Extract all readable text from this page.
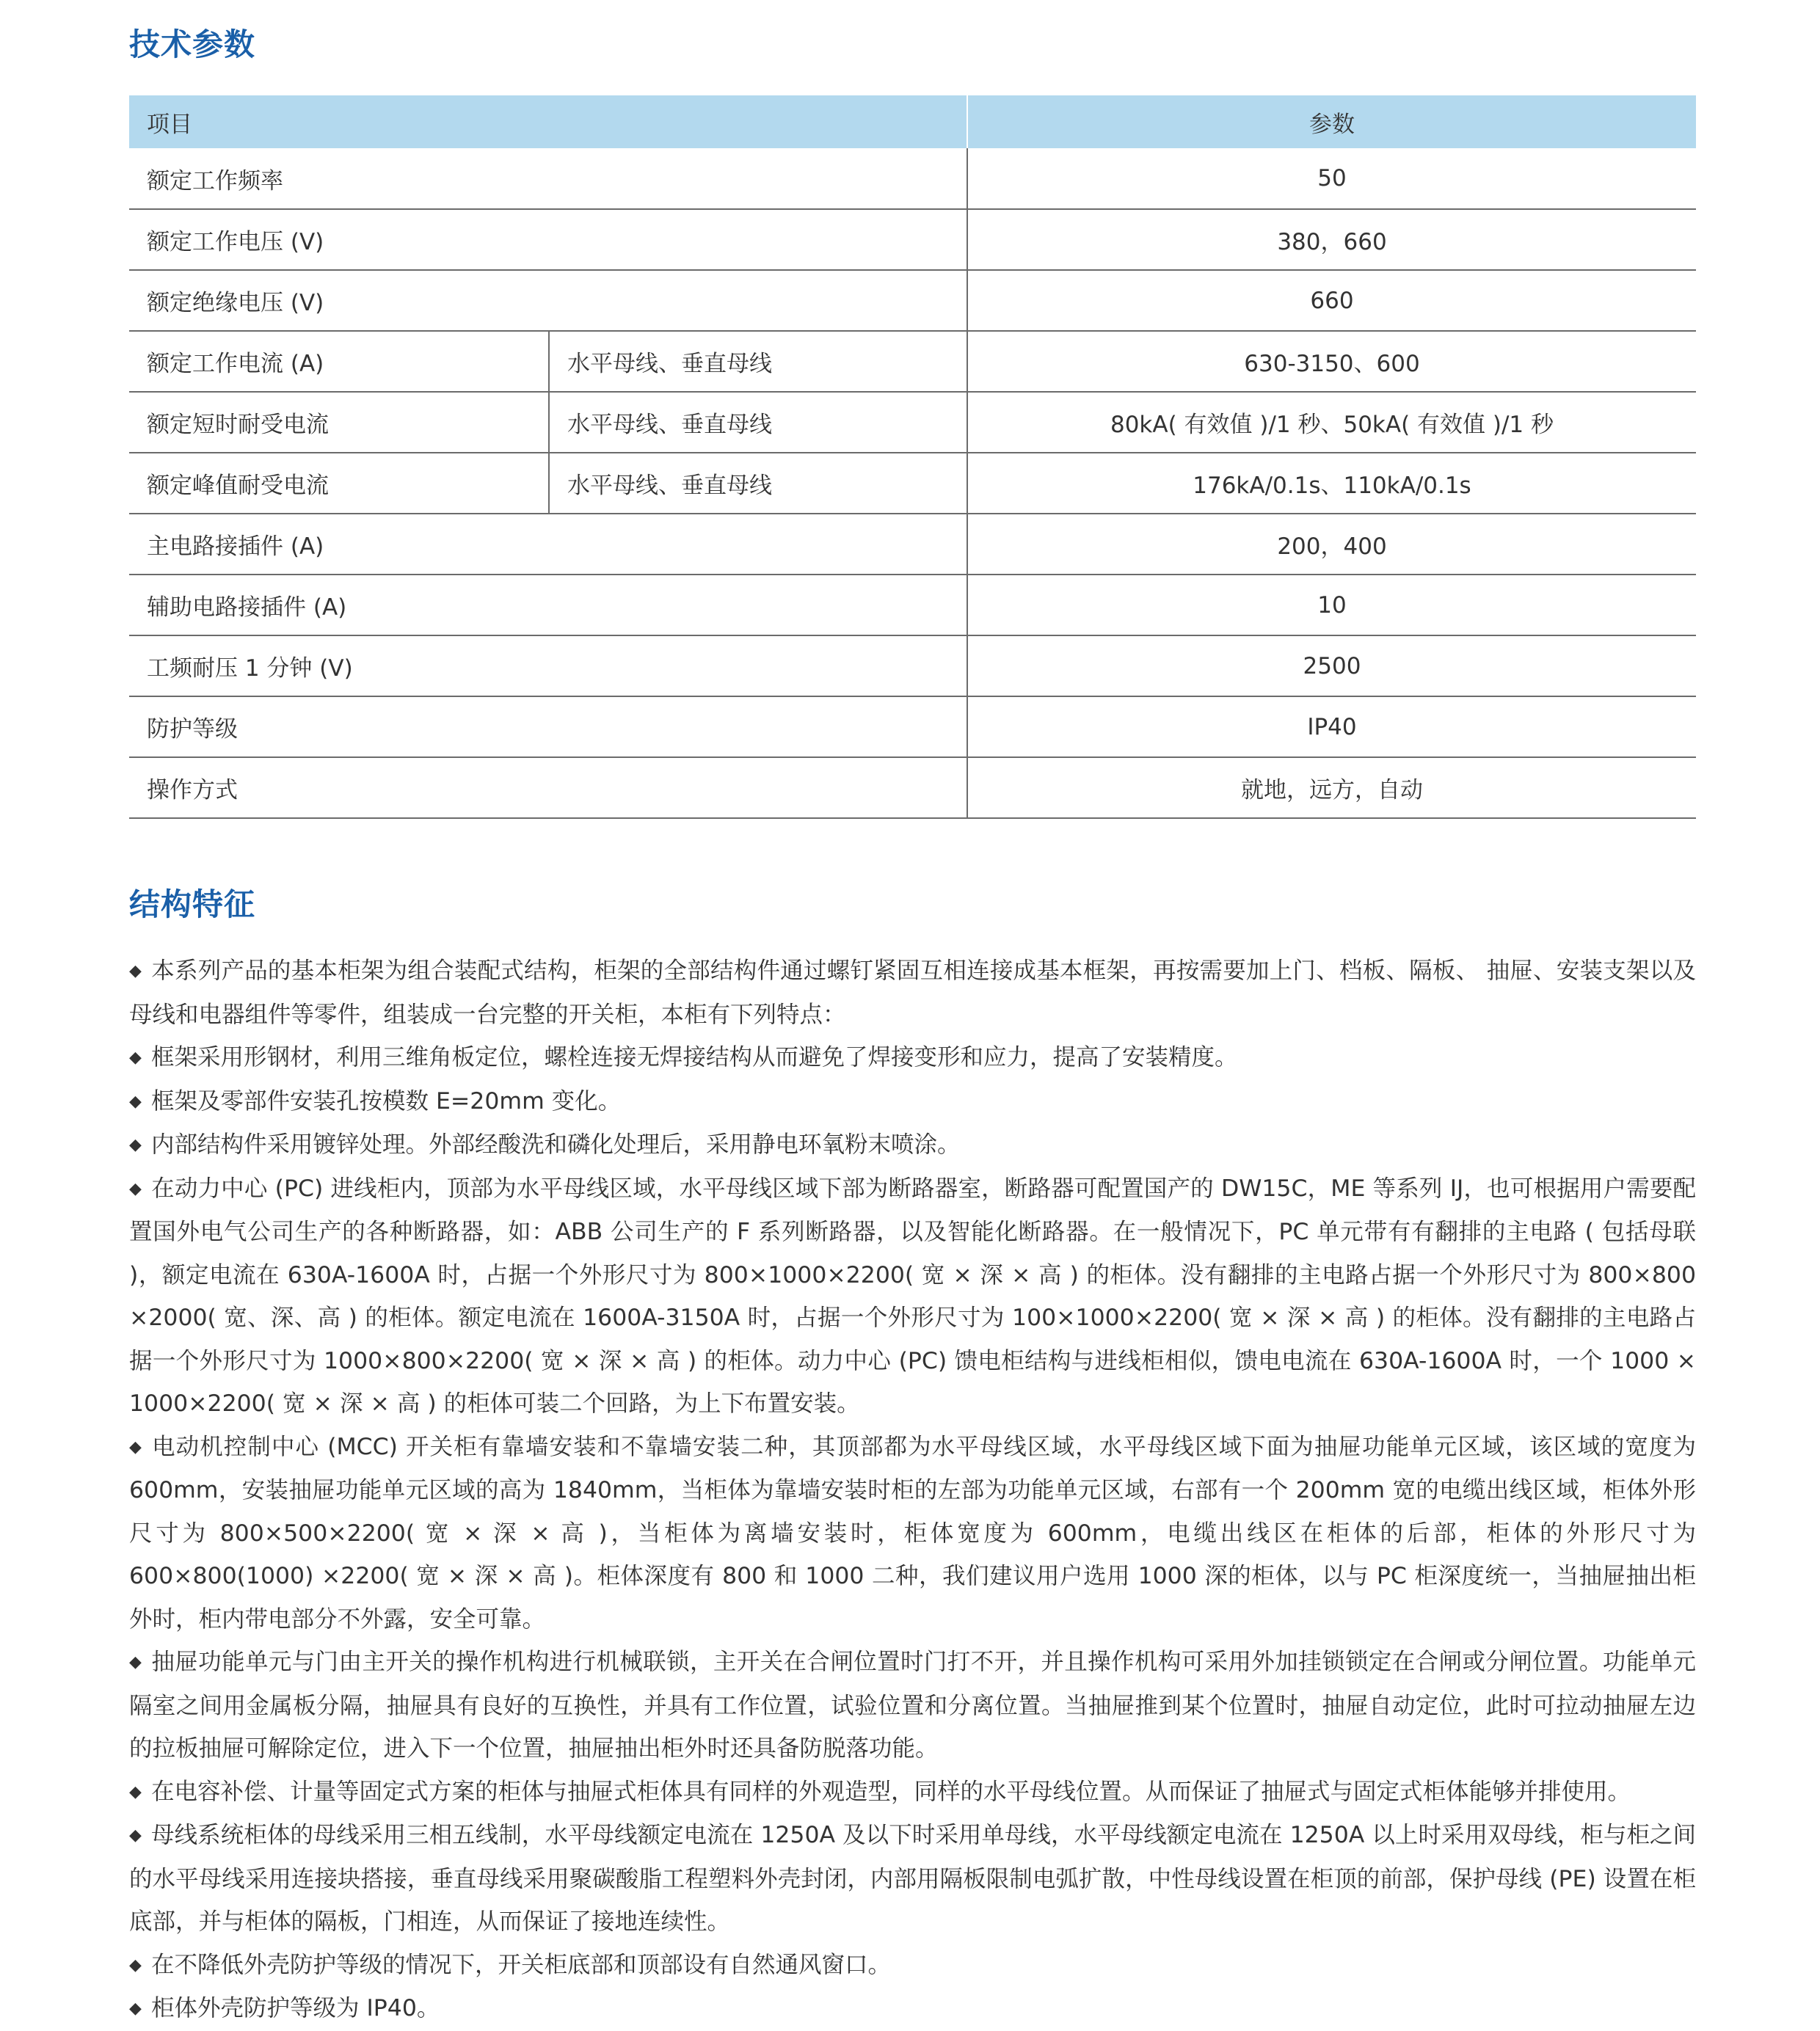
技术参数
项目		参数
额定工作频率		50
额定工作电压 (V)		380，660
额定绝缘电压 (V)		660
额定工作电流 (A)	水平母线、垂直母线	630-3150、600
额定短时耐受电流	水平母线、垂直母线	80kA( 有效值 )/1 秒、50kA( 有效值 )/1 秒
额定峰值耐受电流	水平母线、垂直母线	176kA/0.1s、110kA/0.1s
主电路接插件 (A)		200，400
辅助电路接插件 (A)		10
工频耐压 1 分钟 (V)		2500
防护等级		IP40
操作方式		就地，远方，自动
结构特征

◆ 本系列产品的基本柜架为组合装配式结构，柜架的全部结构件通过螺钉紧固互相连接成基本框架，再按需要加上门、档板、隔板、 抽屉、安装支架以及母线和电器组件等零件，组装成一台完整的开关柜，本柜有下列特点：

◆ 框架采用形钢材，利用三维角板定位，螺栓连接无焊接结构从而避免了焊接变形和应力，提高了安装精度。

◆ 框架及零部件安装孔按模数 E=20mm 变化。

◆ 内部结构件采用镀锌处理。外部经酸洗和磷化处理后，采用静电环氧粉末喷涂。

◆ 在动力中心 (PC) 进线柜内，顶部为水平母线区域，水平母线区域下部为断路器室，断路器可配置国产的 DW15C，ME 等系列 IJ，也可根据用户需要配置国外电气公司生产的各种断路器，如：ABB 公司生产的 F 系列断路器，以及智能化断路器。在一般情况下，PC 单元带有有翻排的主电路 ( 包括母联 )，额定电流在 630A-1600A 时，占据一个外形尺寸为 800×1000×2200( 宽 × 深 × 高 ) 的柜体。没有翻排的主电路占据一个外形尺寸为 800×800 ×2000( 宽、深、高 ) 的柜体。额定电流在 1600A-3150A 时，占据一个外形尺寸为 100×1000×2200( 宽 × 深 × 高 ) 的柜体。没有翻排的主电路占据一个外形尺寸为 1000×800×2200( 宽 × 深 × 高 ) 的柜体。动力中心 (PC) 馈电柜结构与进线柜相似，馈电电流在 630A-1600A 时，一个 1000 × 1000×2200( 宽 × 深 × 高 ) 的柜体可装二个回路，为上下布置安装。

◆ 电动机控制中心 (MCC) 开关柜有靠墙安装和不靠墙安装二种，其顶部都为水平母线区域，水平母线区域下面为抽屉功能单元区域，该区域的宽度为 600mm，安装抽屉功能单元区域的高为 1840mm，当柜体为靠墙安装时柜的左部为功能单元区域，右部有一个 200mm 宽的电缆出线区域，柜体外形尺寸为 800×500×2200( 宽 × 深 × 高 )，当柜体为离墙安装时，柜体宽度为 600mm，电缆出线区在柜体的后部，柜体的外形尺寸为 600×800(1000) ×2200( 宽 × 深 × 高 )。柜体深度有 800 和 1000 二种，我们建议用户选用 1000 深的柜体，以与 PC 柜深度统一，当抽屉抽出柜外时，柜内带电部分不外露，安全可靠。

◆ 抽屉功能单元与门由主开关的操作机构进行机械联锁，主开关在合闸位置时门打不开，并且操作机构可采用外加挂锁锁定在合闸或分闸位置。功能单元隔室之间用金属板分隔，抽屉具有良好的互换性，并具有工作位置，试验位置和分离位置。当抽屉推到某个位置时，抽屉自动定位，此时可拉动抽屉左边的拉板抽屉可解除定位，进入下一个位置，抽屉抽出柜外时还具备防脱落功能。

◆ 在电容补偿、计量等固定式方案的柜体与抽屉式柜体具有同样的外观造型，同样的水平母线位置。从而保证了抽屉式与固定式柜体能够并排使用。

◆ 母线系统柜体的母线采用三相五线制，水平母线额定电流在 1250A 及以下时采用单母线，水平母线额定电流在 1250A 以上时采用双母线，柜与柜之间的水平母线采用连接块搭接，垂直母线采用聚碳酸脂工程塑料外壳封闭，内部用隔板限制电弧扩散，中性母线设置在柜顶的前部，保护母线 (PE) 设置在柜底部，并与柜体的隔板，门相连，从而保证了接地连续性。

◆ 在不降低外壳防护等级的情况下，开关柜底部和顶部设有自然通风窗口。

◆ 柜体外壳防护等级为 IP40。
